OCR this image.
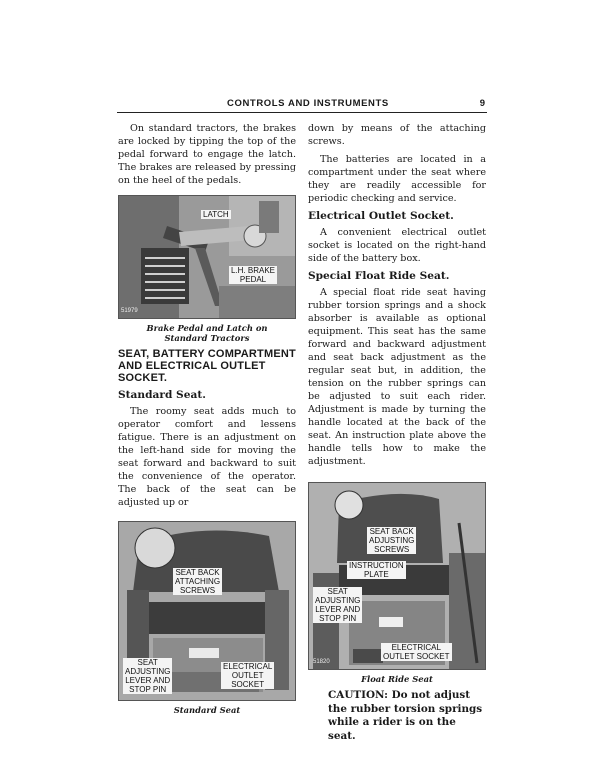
CONTROLS AND INSTRUMENTS	9

On standard tractors, the brakes are locked by tipping the top of the pedal forward to engage the latch. The brakes are released by pressing on the heel of the pedals.

LATCH
L.H. BRAKE
PEDAL
51979
Brake Pedal and Latch on
Standard Tractors
SEAT, BATTERY COMPARTMENT AND ELECTRICAL OUTLET SOCKET.
Standard Seat.

The roomy seat adds much to operator comfort and lessens fatigue. There is an adjustment on the left-hand side for moving the seat forward and backward to suit the convenience of the operator. The back of the seat can be adjusted up or

SEAT BACK
ATTACHING
SCREWS
SEAT
ADJUSTING
LEVER AND
STOP PIN
ELECTRICAL
OUTLET
SOCKET
Standard Seat

down by means of the attaching screws.

The batteries are located in a compartment under the seat where they are readily accessible for periodic checking and service.

Electrical Outlet Socket.

A convenient electrical outlet socket is located on the right-hand side of the battery box.

Special Float Ride Seat.

A special float ride seat having rubber torsion springs and a shock absorber is available as optional equipment. This seat has the same forward and backward adjustment and seat back adjustment as the regular seat but, in addition, the tension on the rubber springs can be adjusted to suit each rider. Adjustment is made by turning the handle located at the back of the seat. An instruction plate above the handle tells how to make the adjustment.

SEAT BACK
ADJUSTING
SCREWS
INSTRUCTION
PLATE
SEAT
ADJUSTING
LEVER AND
STOP PIN
ELECTRICAL
OUTLET SOCKET
51820
Float Ride Seat

CAUTION: Do not adjust the rubber torsion springs while a rider is on the seat.
